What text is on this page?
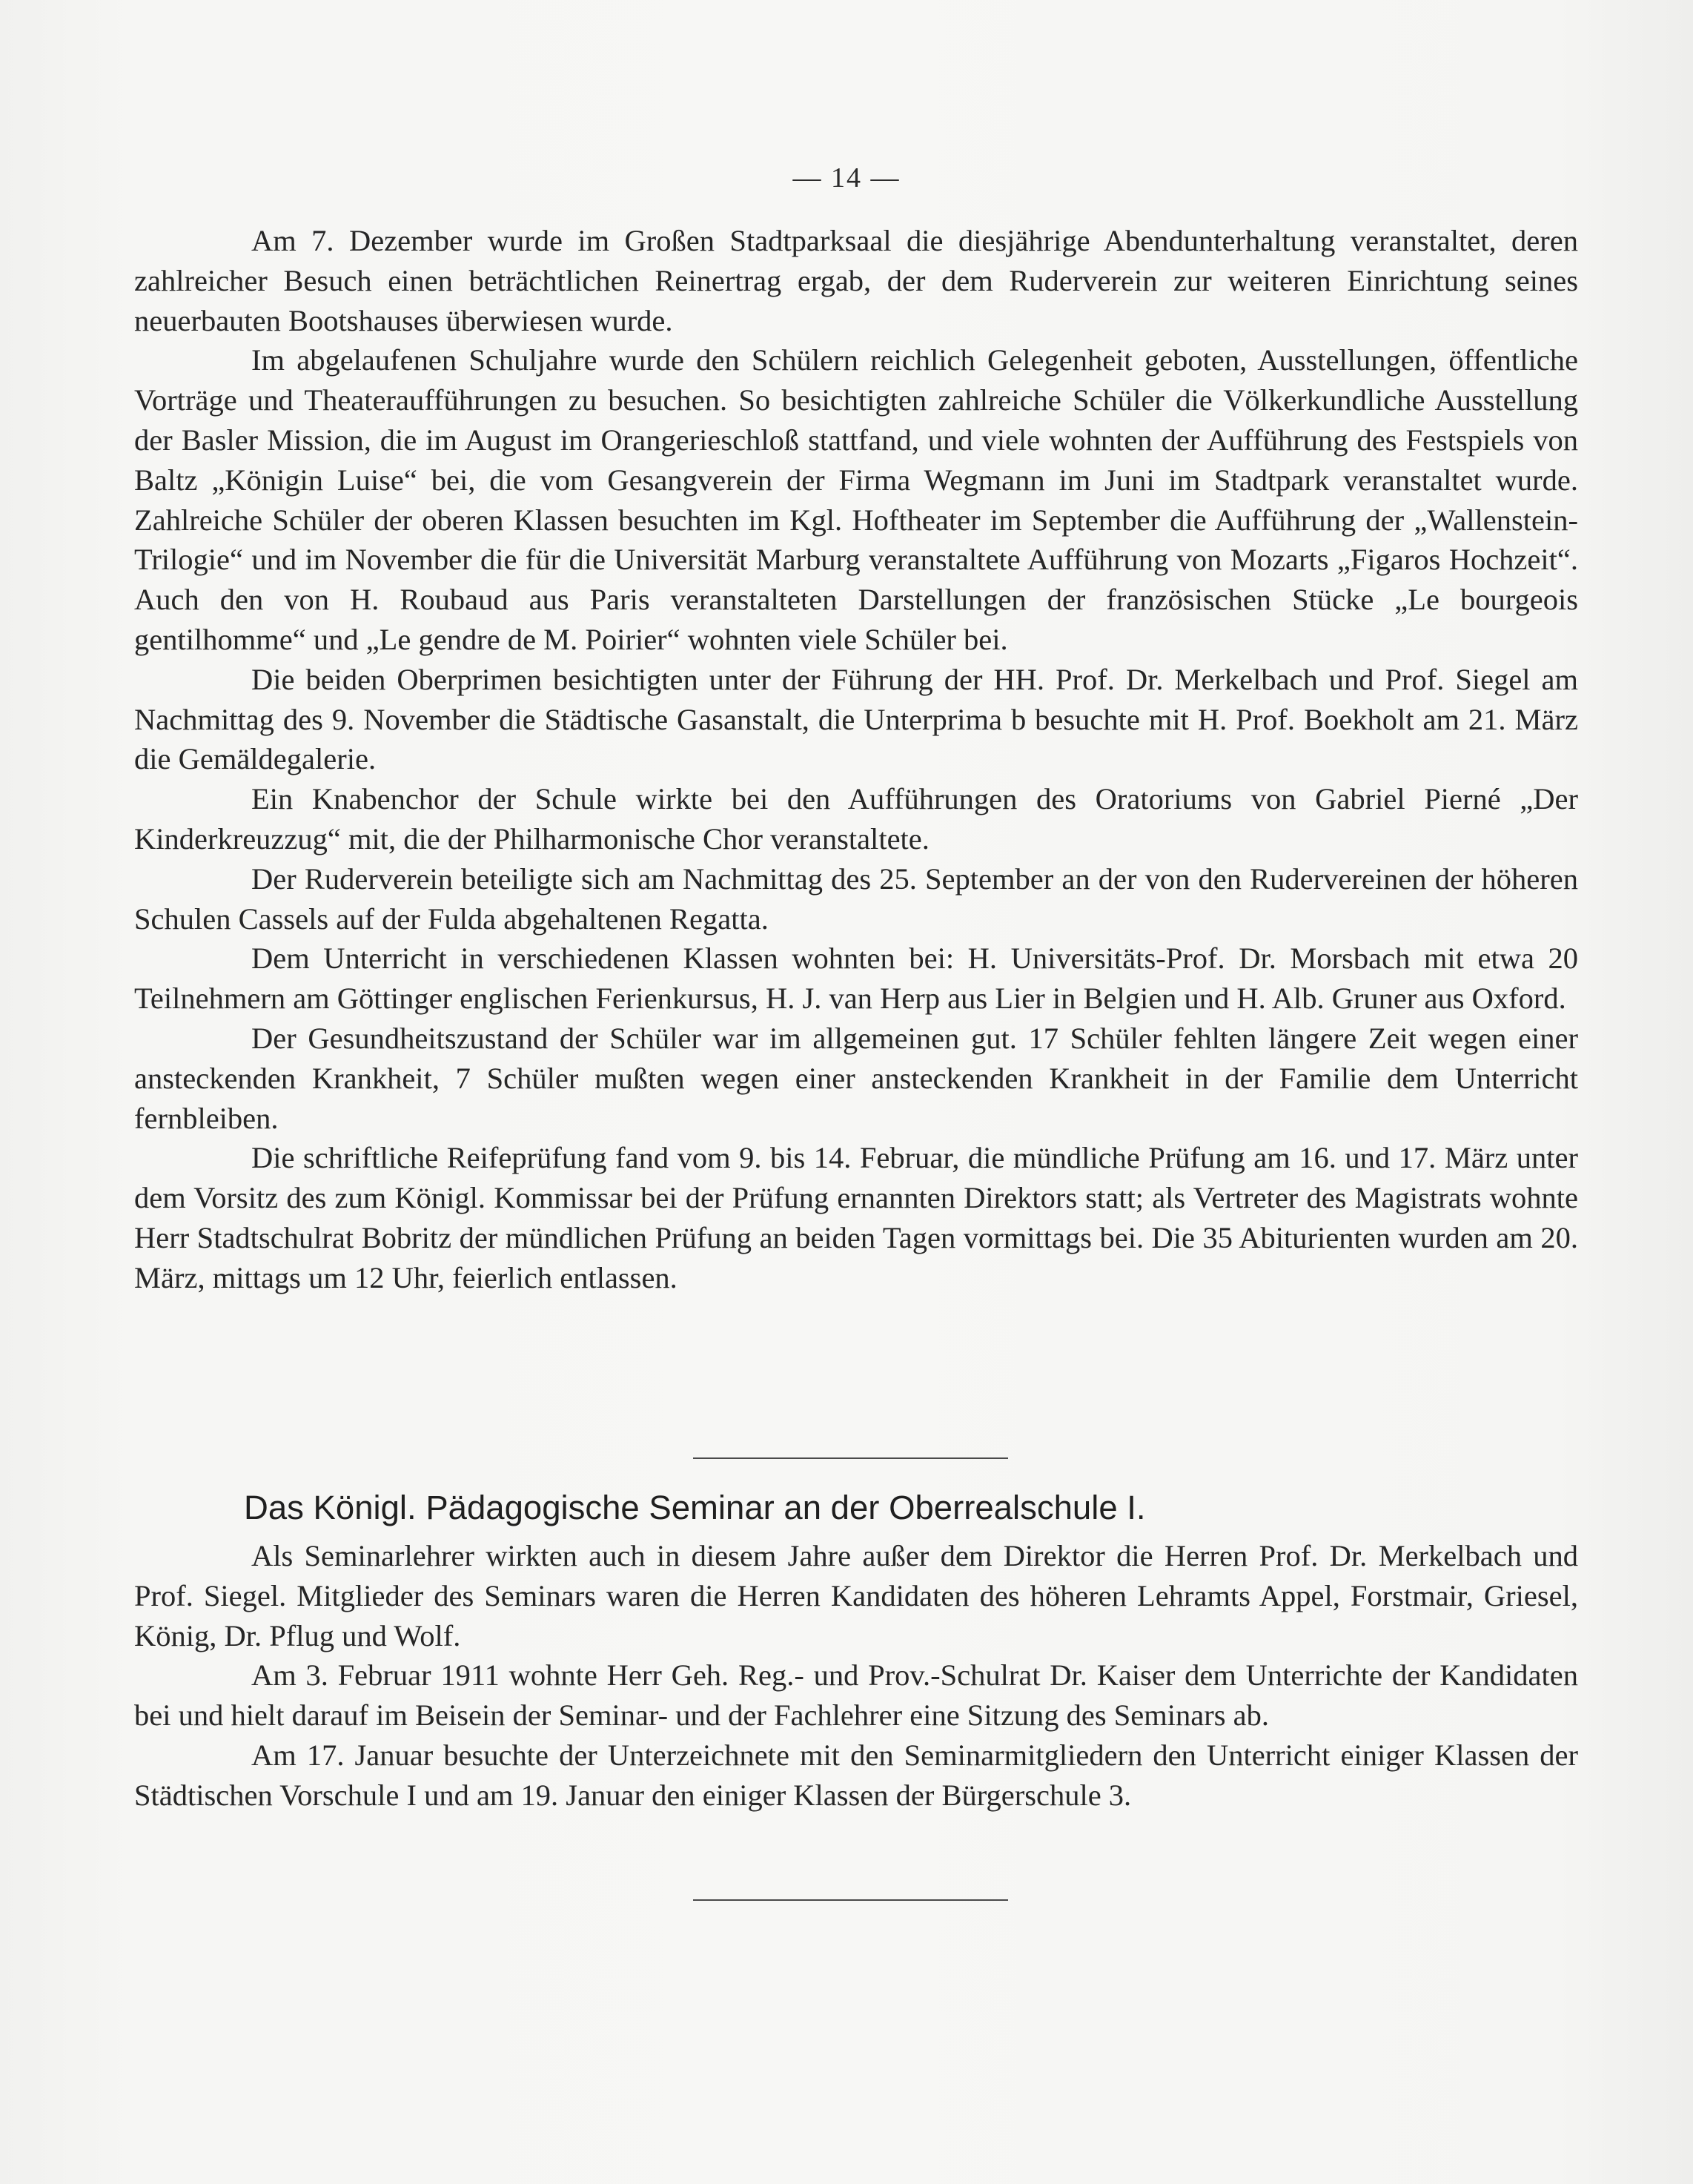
— 14 —

Am 7. Dezember wurde im Großen Stadtparksaal die diesjährige Abendunterhaltung veranstaltet, deren zahlreicher Besuch einen beträchtlichen Reinertrag ergab, der dem Ruderverein zur weiteren Einrichtung seines neuerbauten Bootshauses überwiesen wurde.

Im abgelaufenen Schuljahre wurde den Schülern reichlich Gelegenheit geboten, Ausstellungen, öffentliche Vorträge und Theateraufführungen zu besuchen. So besichtigten zahlreiche Schüler die Völkerkundliche Ausstellung der Basler Mission, die im August im Orangerieschloß stattfand, und viele wohnten der Aufführung des Festspiels von Baltz „Königin Luise“ bei, die vom Gesangverein der Firma Wegmann im Juni im Stadtpark veranstaltet wurde. Zahlreiche Schüler der oberen Klassen besuchten im Kgl. Hoftheater im September die Aufführung der „Wallenstein-Trilogie“ und im November die für die Universität Marburg veranstaltete Aufführung von Mozarts „Figaros Hochzeit“. Auch den von H. Roubaud aus Paris veranstalteten Darstellungen der französischen Stücke „Le bourgeois gentilhomme“ und „Le gendre de M. Poirier“ wohnten viele Schüler bei.

Die beiden Oberprimen besichtigten unter der Führung der HH. Prof. Dr. Merkelbach und Prof. Siegel am Nachmittag des 9. November die Städtische Gasanstalt, die Unterprima b besuchte mit H. Prof. Boekholt am 21. März die Gemäldegalerie.

Ein Knabenchor der Schule wirkte bei den Aufführungen des Oratoriums von Gabriel Pierné „Der Kinderkreuzzug“ mit, die der Philharmonische Chor veranstaltete.

Der Ruderverein beteiligte sich am Nachmittag des 25. September an der von den Rudervereinen der höheren Schulen Cassels auf der Fulda abgehaltenen Regatta.

Dem Unterricht in verschiedenen Klassen wohnten bei: H. Universitäts-Prof. Dr. Morsbach mit etwa 20 Teilnehmern am Göttinger englischen Ferienkursus, H. J. van Herp aus Lier in Belgien und H. Alb. Gruner aus Oxford.

Der Gesundheitszustand der Schüler war im allgemeinen gut. 17 Schüler fehlten längere Zeit wegen einer ansteckenden Krankheit, 7 Schüler mußten wegen einer ansteckenden Krankheit in der Familie dem Unterricht fernbleiben.

Die schriftliche Reifeprüfung fand vom 9. bis 14. Februar, die mündliche Prüfung am 16. und 17. März unter dem Vorsitz des zum Königl. Kommissar bei der Prüfung ernannten Direktors statt; als Vertreter des Magistrats wohnte Herr Stadtschulrat Bobritz der mündlichen Prüfung an beiden Tagen vormittags bei. Die 35 Abiturienten wurden am 20. März, mittags um 12 Uhr, feierlich entlassen.

Das Königl. Pädagogische Seminar an der Oberrealschule I.

Als Seminarlehrer wirkten auch in diesem Jahre außer dem Direktor die Herren Prof. Dr. Merkelbach und Prof. Siegel. Mitglieder des Seminars waren die Herren Kandidaten des höheren Lehramts Appel, Forstmair, Griesel, König, Dr. Pflug und Wolf.

Am 3. Februar 1911 wohnte Herr Geh. Reg.- und Prov.-Schulrat Dr. Kaiser dem Unterrichte der Kandidaten bei und hielt darauf im Beisein der Seminar- und der Fachlehrer eine Sitzung des Seminars ab.

Am 17. Januar besuchte der Unterzeichnete mit den Seminarmitgliedern den Unterricht einiger Klassen der Städtischen Vorschule I und am 19. Januar den einiger Klassen der Bürgerschule 3.
